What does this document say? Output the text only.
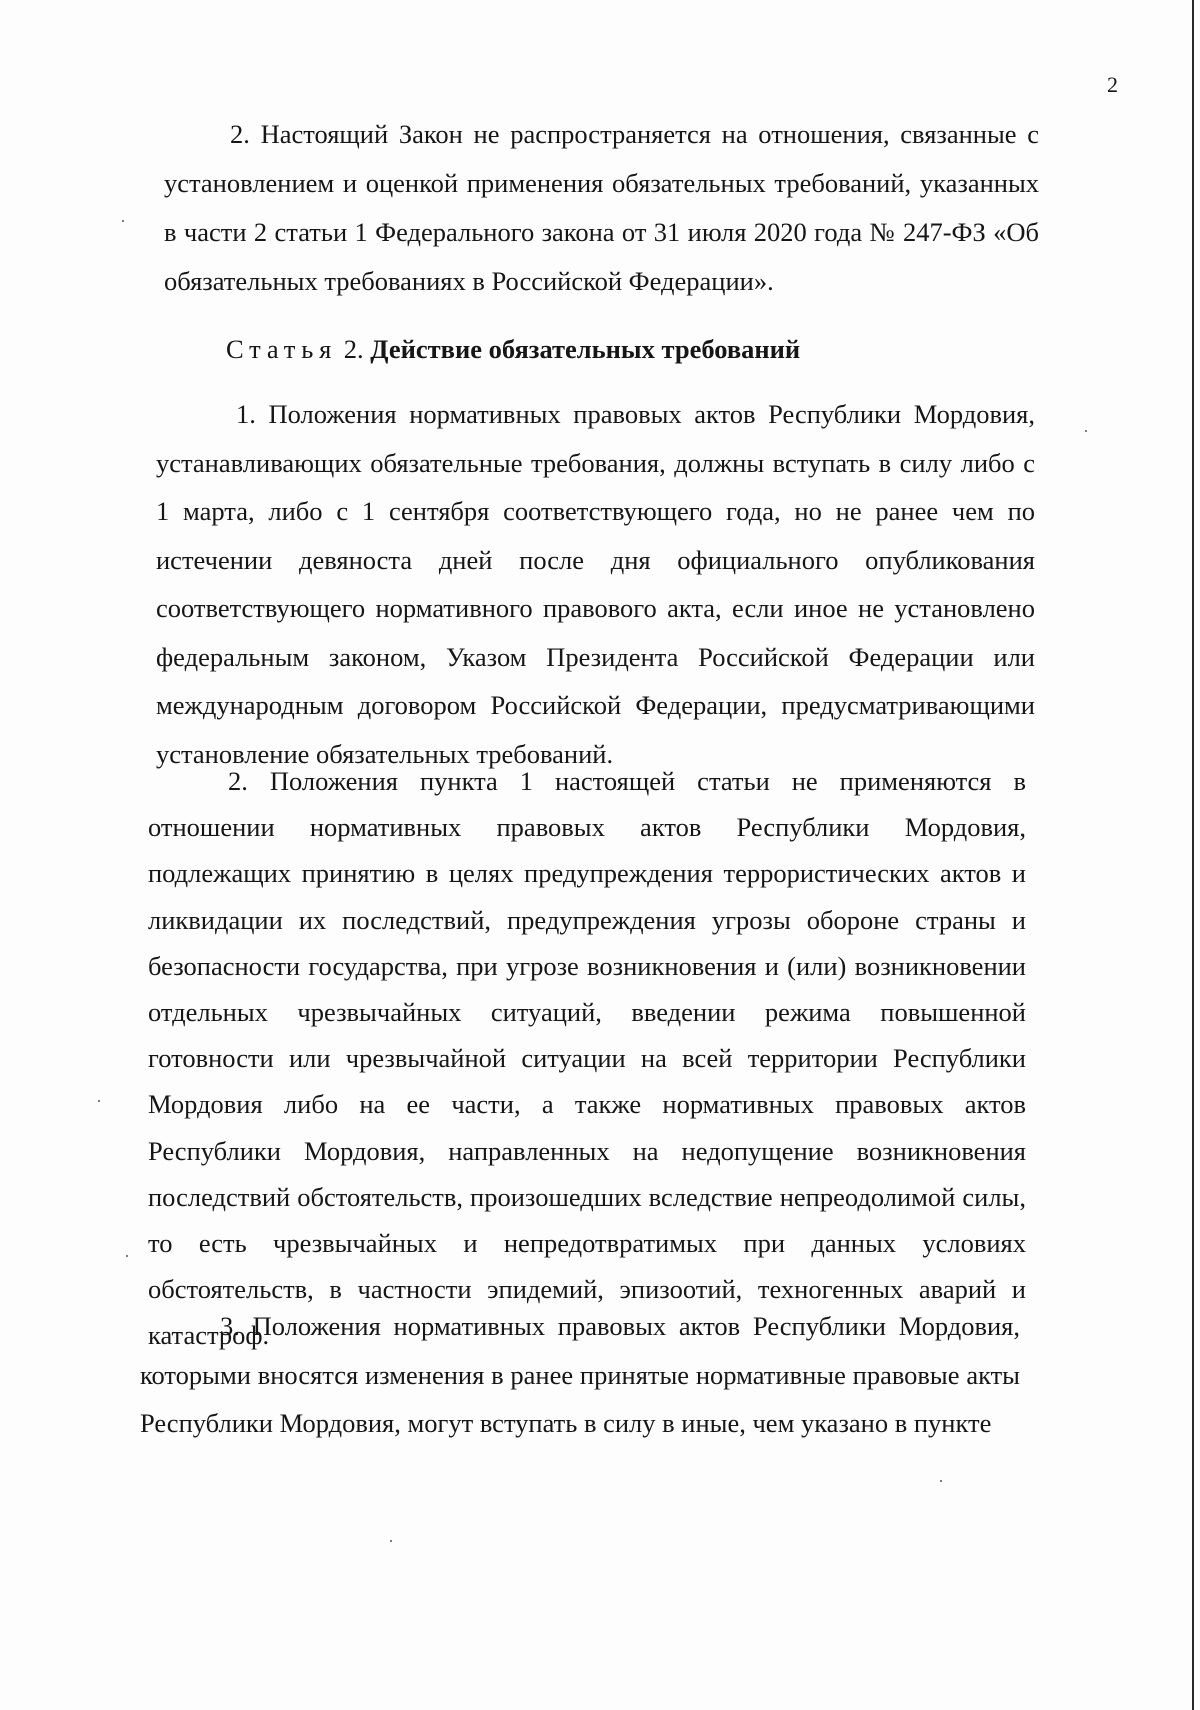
2
2. Настоящий Закон не распространяется на отношения, связанные с установлением и оценкой применения обязательных требований, указанных в части 2 статьи 1 Федерального закона от 31 июля 2020 года № 247-ФЗ «Об обязательных требованиях в Российской Федерации».
Статья 2. Действие обязательных требований
1. Положения нормативных правовых актов Республики Мордовия, устанавливающих обязательные требования, должны вступать в силу либо с 1 марта, либо с 1 сентября соответствующего года, но не ранее чем по истечении девяноста дней после дня официального опубликования соответствующего нормативного правового акта, если иное не установлено федеральным законом, Указом Президента Российской Федерации или международным договором Российской Федерации, предусматривающими установление обязательных требований.
2. Положения пункта 1 настоящей статьи не применяются в отношении нормативных правовых актов Республики Мордовия, подлежащих принятию в целях предупреждения террористических актов и ликвидации их последствий, предупреждения угрозы обороне страны и безопасности государства, при угрозе возникновения и (или) возникновении отдельных чрезвычайных ситуаций, введении режима повышенной готовности или чрезвычайной ситуации на всей территории Республики Мордовия либо на ее части, а также нормативных правовых актов Республики Мордовия, направленных на недопущение возникновения последствий обстоятельств, произошедших вследствие непреодолимой силы, то есть чрезвычайных и непредотвратимых при данных условиях обстоятельств, в частности эпидемий, эпизоотий, техногенных аварий и катастроф.
3. Положения нормативных правовых актов Республики Мордовия, которыми вносятся изменения в ранее принятые нормативные правовые акты Республики Мордовия, могут вступать в силу в иные, чем указано в пункте
